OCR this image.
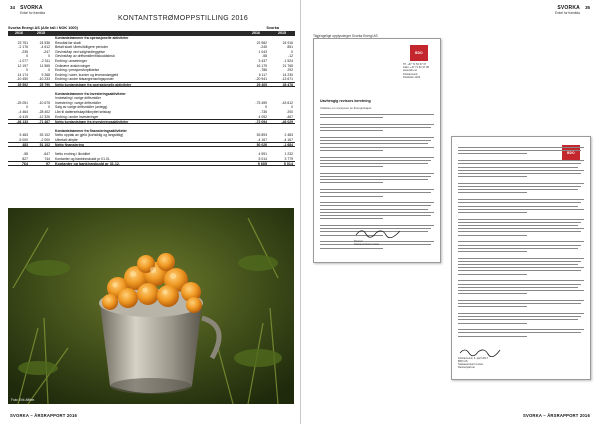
34 SVORKA
Enkel for framtida
KONTANTSTRØMOPPSTILLING 2016
Svorka Energi AS (Alle tall i NOK 1000)	Svorka
2016	2015	2016	2015
Kontantstrømmer fra operasjonelle aktiviteter
23 751	24 536	Resultat før skatt	22 982	24 916
-2 176	-4 612	Betalt skatt i årets/tidligere perioder	-245	851
-235	-247	Gevinst/tap ved salg/nedleggelse	1 043	0
0	0	Gevinst/tap av driftsmidler/tilskuddsbruk	-58	-12
-1 077	-2 311	Endring i avsetninger	3 437	-1 524
12 197	11 565	Ordinære avskrivninger	16 179	21 765
0	0	Endring i pensjonsforpliktelse	-786	292
14 174	9 268	Endring i varer, kunder og leverandørgjeld	6 117	14 230
-10 450	-10 233	Endring i andre tidsavgrensningsposter	-20 941	-13 671
35 592	25 790	Netto kontantstrøm fra operasjonelle aktiviteter	29 409	45 478
Kontantstrømmer fra investeringsaktiviteter
Innbetaling i varige driftsmidler
-25 051	-10 675	Investering i varige driftsmidler	-75 459	-43 612
0	0	Salg av varige driftsmidler (anlegg)	0	0
-4 464	-28 402	Lån til datterselskap/tilknyttet selskap	-735	200
-6 419	-12 326	Endring i andre investeringer	4 092	-467
-36 133	-71 467	Netto kontantstrøm fra investeringsaktiviteter	-72 094	-46 029
Kontantstrømmer fra finansieringsaktiviteter
5 483	53 102	Netto opptak av gjeld (kortsiktig og langsiktig)	53 893	2 483
-5 000	-2 000	Utbetalt utbytte	-4 167	-4 167
483	51 102	Netto finansiering	50 026	-1 684
-58	-647	Netto endring i likviditet	4 591	1 232
827	744	Kontanter og bankinnskudd pr 01.01.	5 014	3 779
764	97	Kontanter og bankinnskudd pr 31.12.	9 605	5 014
Foto: Erik Afflem
SVORKA – ÅRSRAPPORT 2016
SVORKA
Enkel for framtida
35
Tilgjengelige opplysninger Svorka Energi AS
BDO
Tlf: +47 71 52 37 37
Faks: +47 71 52 37 38
www.bdo.no
Kristiansund
Postboks 1234
Uavhengig revisors beretning
Uttalelse om revisjonen av årsregnskapet
Revisor
Statsautorisert revisor
BDO
Kristiansund, 3. april 2017
BDO AS
Statsautorisert revisor
Revisorpartner
SVORKA – ÅRSRAPPORT 2016
